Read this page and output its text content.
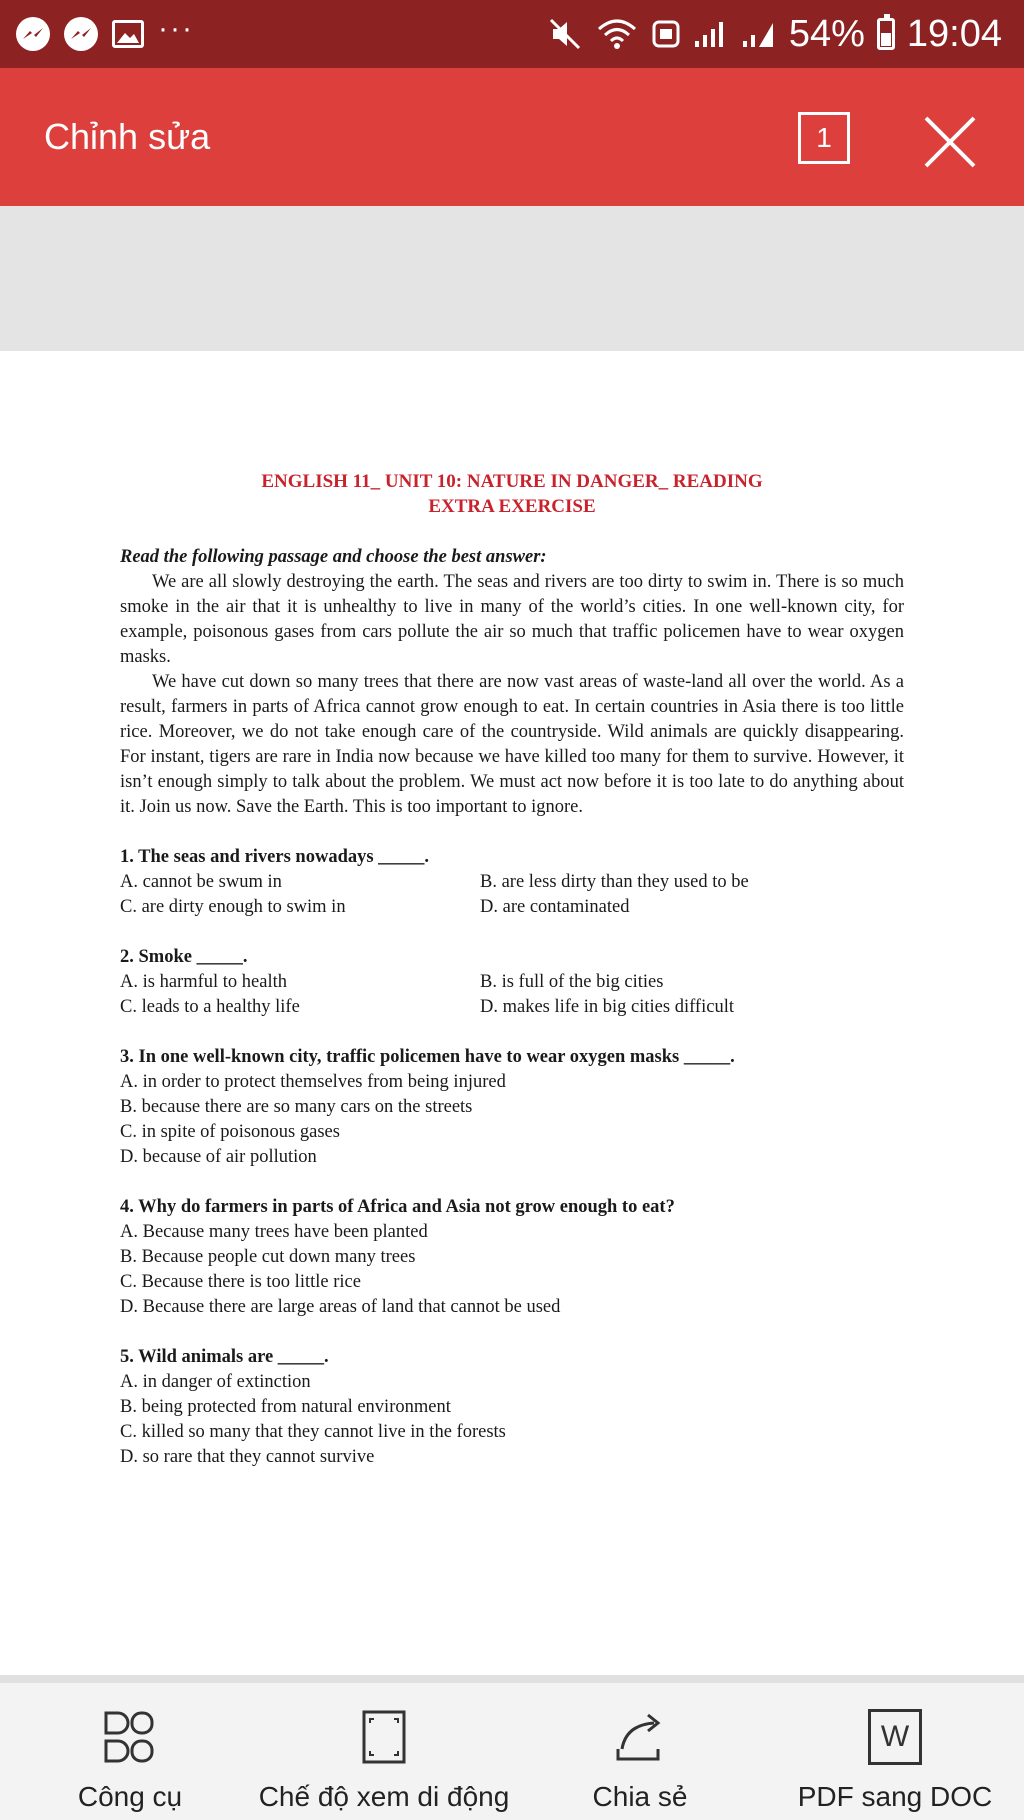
···	54% 19:04
Chỉnh sửa	1
ENGLISH 11_ UNIT 10: NATURE IN DANGER_ READING
EXTRA EXERCISE
Read the following passage and choose the best answer:

We are all slowly destroying the earth. The seas and rivers are too dirty to swim in. There is so much smoke in the air that it is unhealthy to live in many of the world’s cities. In one well-known city, for example, poisonous gases from cars pollute the air so much that traffic policemen have to wear oxygen masks.

We have cut down so many trees that there are now vast areas of waste-land all over the world. As a result, farmers in parts of Africa cannot grow enough to eat. In certain countries in Asia there is too little rice. Moreover, we do not take enough care of the countryside. Wild animals are quickly disappearing. For instant, tigers are rare in India now because we have killed too many for them to survive. However, it isn’t enough simply to talk about the problem. We must act now before it is too late to do anything about it. Join us now. Save the Earth. This is too important to ignore.

1. The seas and rivers nowadays _____.
A. cannot be swum in	B. are less dirty than they used to be
C. are dirty enough to swim in	D. are contaminated
2. Smoke _____.
A. is harmful to health	B. is full of the big cities
C. leads to a healthy life	D. makes life in big cities difficult
3. In one well-known city, traffic policemen have to wear oxygen masks _____.
A. in order to protect themselves from being injured
B. because there are so many cars on the streets
C. in spite of poisonous gases
D. because of air pollution
4. Why do farmers in parts of Africa and Asia not grow enough to eat?
A. Because many trees have been planted
B. Because people cut down many trees
C. Because there is too little rice
D. Because there are large areas of land that cannot be used
5. Wild animals are _____.
A. in danger of extinction
B. being protected from natural environment
C. killed so many that they cannot live in the forests
D. so rare that they cannot survive
Công cụ	Chế độ xem di động	Chia sẻ
W
PDF sang DOC
